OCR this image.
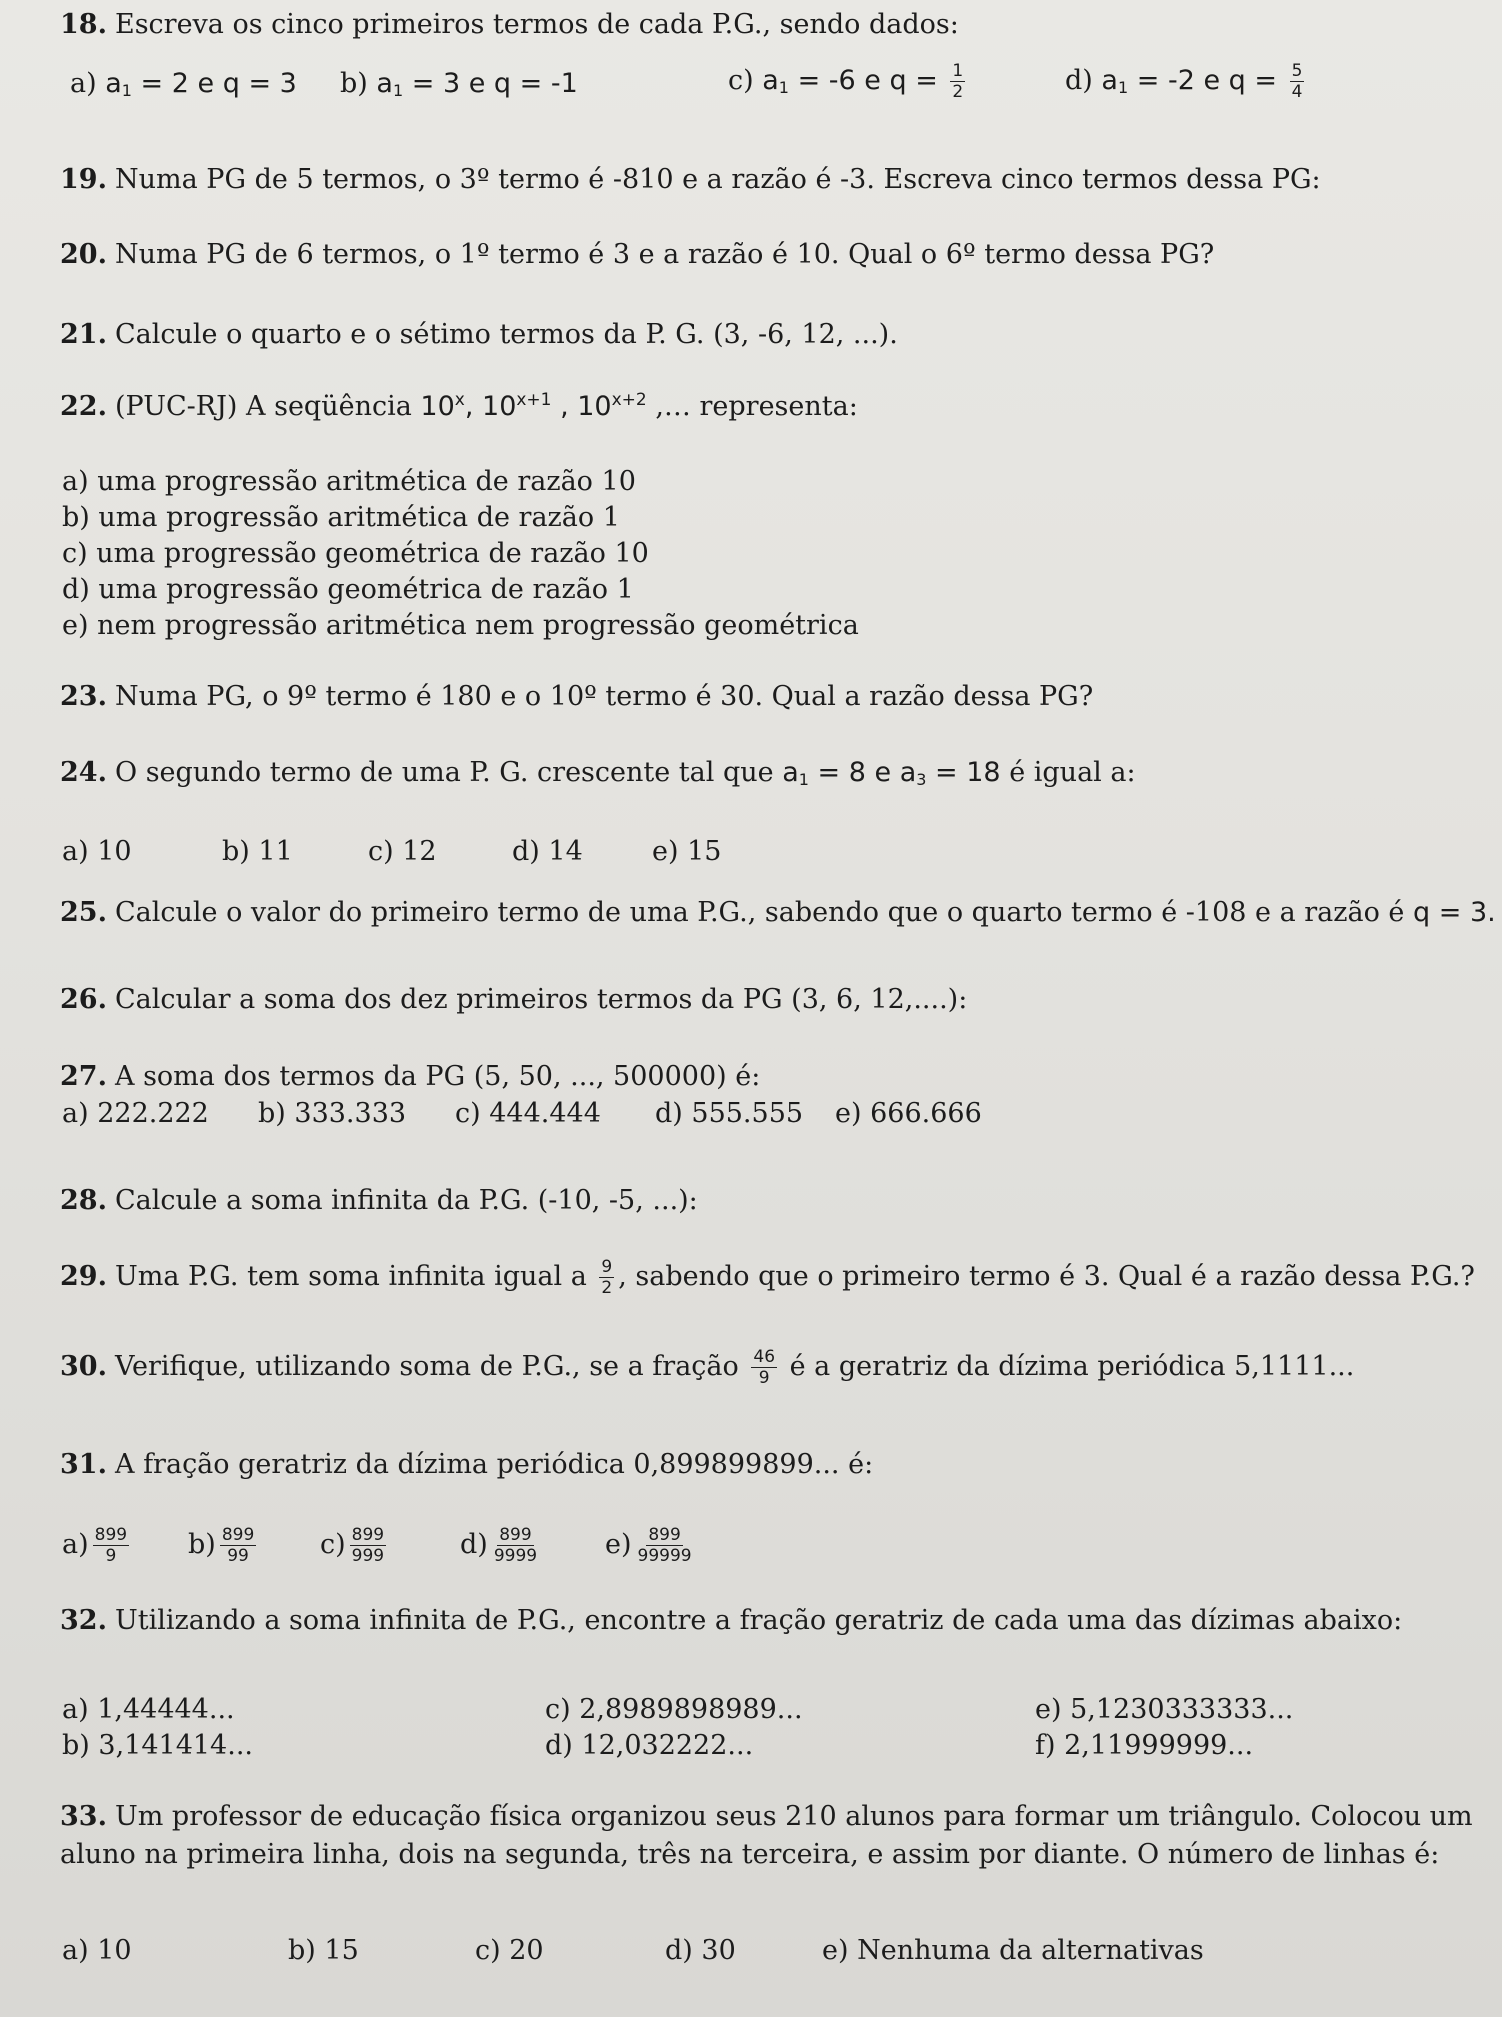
18. Escreva os cinco primeiros termos de cada P.G., sendo dados:
a) $a_1 = 2$ e q = 3 b) $a_1 = 3$ e q = -1	c) $a_1 = -6$ e $q = \frac{1}{2}$	d) $a_1 = -2$ e $q = \frac{5}{4}$
19. Numa PG de 5 termos, o 3º termo é -810 e a razão é -3. Escreva cinco termos dessa PG:
20. Numa PG de 6 termos, o 1º termo é 3 e a razão é 10. Qual o 6º termo dessa PG?
21. Calcule o quarto e o sétimo termos da P. G. (3, -6, 12, ...).
22. (PUC-RJ) A seqüência 10$^x$, $10^{x+1}$ , $10^{x+2}$ ,… representa:
a) uma progressão aritmética de razão 10
b) uma progressão aritmética de razão 1
c) uma progressão geométrica de razão 10
d) uma progressão geométrica de razão 1
e) nem progressão aritmética nem progressão geométrica
23. Numa PG, o 9º termo é 180 e o 10º termo é 30. Qual a razão dessa PG?
24. O segundo termo de uma P. G. crescente tal que $a_1 = 8$ e $a_3 = 18$ é igual a:
a) 10	b) 11	c) 12	d) 14	e) 15
25. Calcule o valor do primeiro termo de uma P.G., sabendo que o quarto termo é -108 e a razão é q = 3.
26. Calcular a soma dos dez primeiros termos da PG (3, 6, 12,....):
27. A soma dos termos da PG (5, 50, ..., 500000) é:
a) 222.222 b) 333.333 c) 444.444 d) 555.555 e) 666.666
28. Calcule a soma infinita da P.G. (-10, -5, ...):
29. Uma P.G. tem soma infinita igual a $\frac{9}{2}$ , sabendo que o primeiro termo é 3. Qual é a razão dessa P.G.?
30. Verifique, utilizando soma de P.G., se a fração $\frac{46}{9}$ é a geratriz da dízima periódica 5,1111...
31. A fração geratriz da dízima periódica 0,899899899... é:
$a) \frac{899}{9} b) \frac{899}{99} c) \frac{899}{999}$	$d) \frac{899}{9999} e) \frac{899}{99999}$
32. Utilizando a soma infinita de P.G., encontre a fração geratriz de cada uma das dízimas abaixo:
a) 1,44444...
b) 3,141414...
c) 2,8989898989...
d) 12,032222...
e) 5,1230333333...
f) 2,11999999...
33. Um professor de educação física organizou seus 210 alunos para formar um triângulo. Colocou um
aluno na primeira linha, dois na segunda, três na terceira, e assim por diante. O número de linhas é:
a) 10	b) 15	c) 20	d) 30	e) Nenhuma da alternativas
